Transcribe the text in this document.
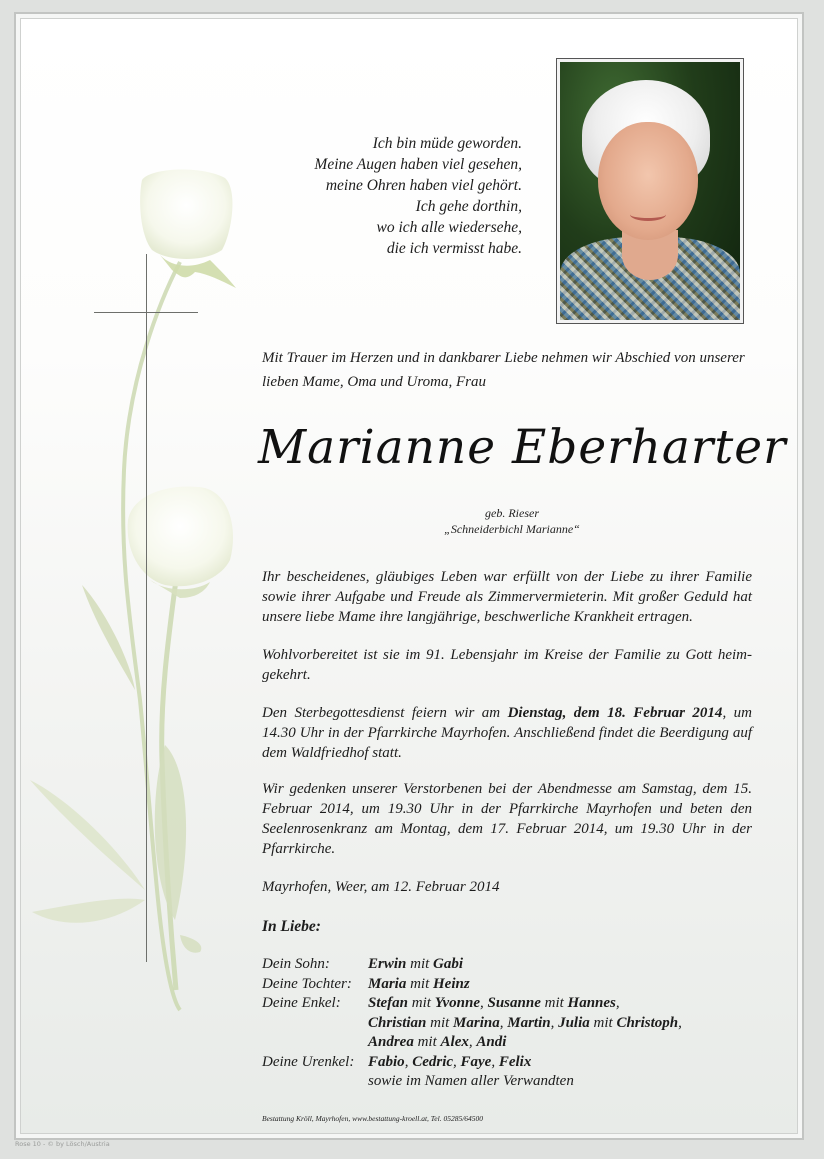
Ich bin müde geworden.
Meine Augen haben viel gesehen,
meine Ohren haben viel gehört.
Ich gehe dorthin,
wo ich alle wiedersehe,
die ich vermisst habe.
Mit Trauer im Herzen und in dankbarer Liebe nehmen wir Abschied von unserer
lieben Mame, Oma und Uroma, Frau
Marianne Eberharter
geb. Rieser
„Schneiderbichl Marianne“
Ihr bescheidenes, gläubiges Leben war erfüllt von der Liebe zu ihrer Familie sowie ihrer Aufgabe und Freude als Zimmervermieterin. Mit großer Geduld hat unsere liebe Mame ihre langjährige, beschwerliche Krankheit ertragen.
Wohlvorbereitet ist sie im 91. Lebensjahr im Kreise der Familie zu Gott heim-gekehrt.
Den Sterbegottesdienst feiern wir am Dienstag, dem 18. Februar 2014, um 14.30 Uhr in der Pfarrkirche Mayrhofen. Anschließend findet die Beerdigung auf dem Waldfriedhof statt.
Wir gedenken unserer Verstorbenen bei der Abendmesse am Samstag, dem 15. Februar 2014, um 19.30 Uhr in der Pfarrkirche Mayrhofen und beten den Seelenrosenkranz am Montag, dem 17. Februar 2014, um 19.30 Uhr in der Pfarrkirche.
Mayrhofen, Weer, am 12. Februar 2014
In Liebe:
Dein Sohn:	Erwin mit Gabi
Deine Tochter:	Maria mit Heinz
Deine Enkel:	Stefan mit Yvonne, Susanne mit Hannes,
Christian mit Marina, Martin, Julia mit Christoph,
Andrea mit Alex, Andi
Deine Urenkel: Fabio, Cedric, Faye, Felix
sowie im Namen aller Verwandten
Bestattung Kröll, Mayrhofen, www.bestattung-kroell.at, Tel. 05285/64500
Rose 10 - © by Lösch/Austria
